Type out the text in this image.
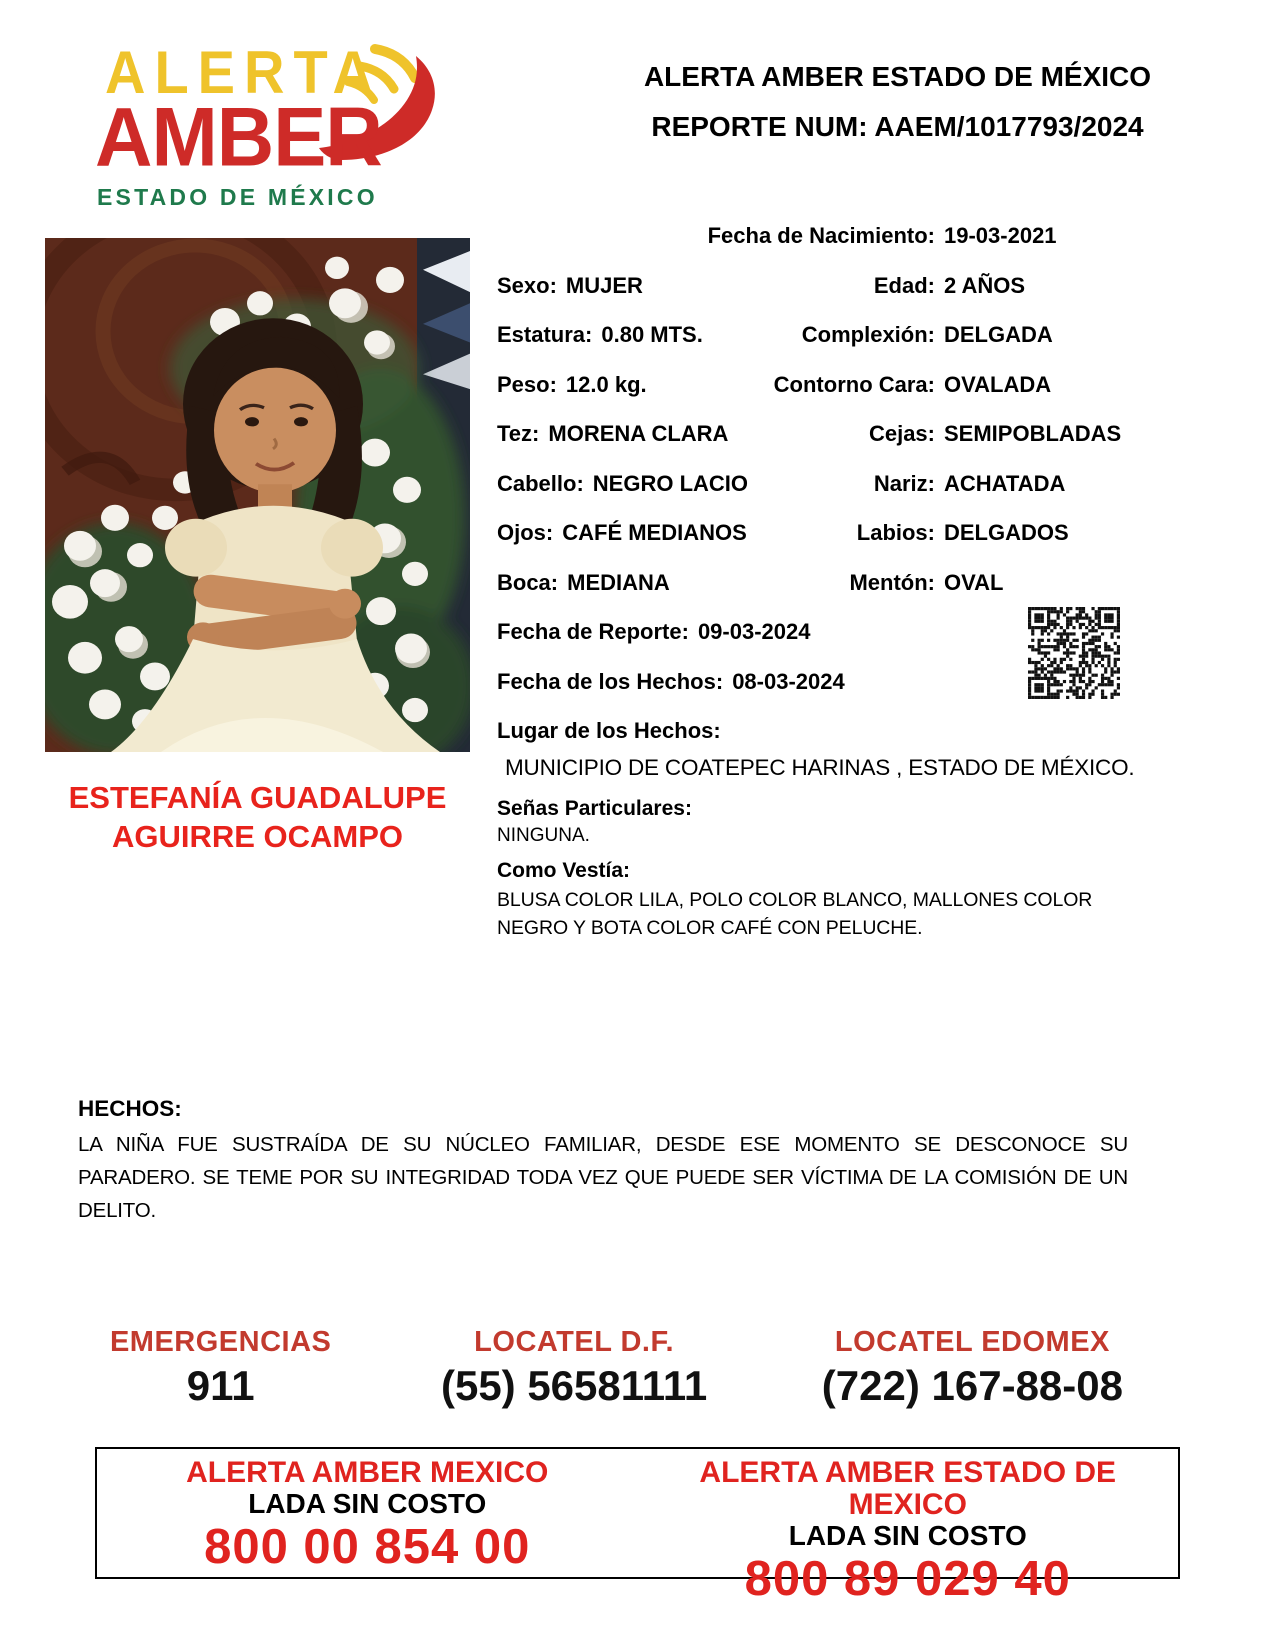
ALERTA
AMBER
ESTADO DE MÉXICO
ALERTA AMBER ESTADO DE MÉXICO
REPORTE NUM: AAEM/1017793/2024
ESTEFANÍA GUADALUPE
AGUIRRE OCAMPO
Fecha de Nacimiento: 19-03-2021
Sexo: MUJER	Edad: 2 AÑOS
Estatura: 0.80 MTS.	Complexión: DELGADA
Peso: 12.0 kg.	Contorno Cara: OVALADA
Tez: MORENA CLARA	Cejas: SEMIPOBLADAS
Cabello: NEGRO LACIO	Nariz: ACHATADA
Ojos: CAFÉ MEDIANOS	Labios: DELGADOS
Boca: MEDIANA	Mentón: OVAL
Fecha de Reporte: 09-03-2024
Fecha de los Hechos: 08-03-2024
Lugar de los Hechos:
MUNICIPIO DE COATEPEC HARINAS , ESTADO DE MÉXICO.
Señas Particulares:
NINGUNA.
Como Vestía:
BLUSA COLOR LILA, POLO COLOR BLANCO, MALLONES COLOR NEGRO Y BOTA COLOR CAFÉ CON PELUCHE.
HECHOS:
LA NIÑA FUE SUSTRAÍDA DE SU NÚCLEO FAMILIAR, DESDE ESE MOMENTO SE DESCONOCE SU PARADERO. SE TEME POR SU INTEGRIDAD TODA VEZ QUE PUEDE SER VÍCTIMA DE LA COMISIÓN DE UN DELITO.
EMERGENCIAS
911
LOCATEL D.F.
(55) 56581111
LOCATEL EDOMEX
(722) 167-88-08
ALERTA AMBER MEXICO
LADA SIN COSTO
800 00 854 00
ALERTA AMBER ESTADO DE MEXICO
LADA SIN COSTO
800 89 029 40
